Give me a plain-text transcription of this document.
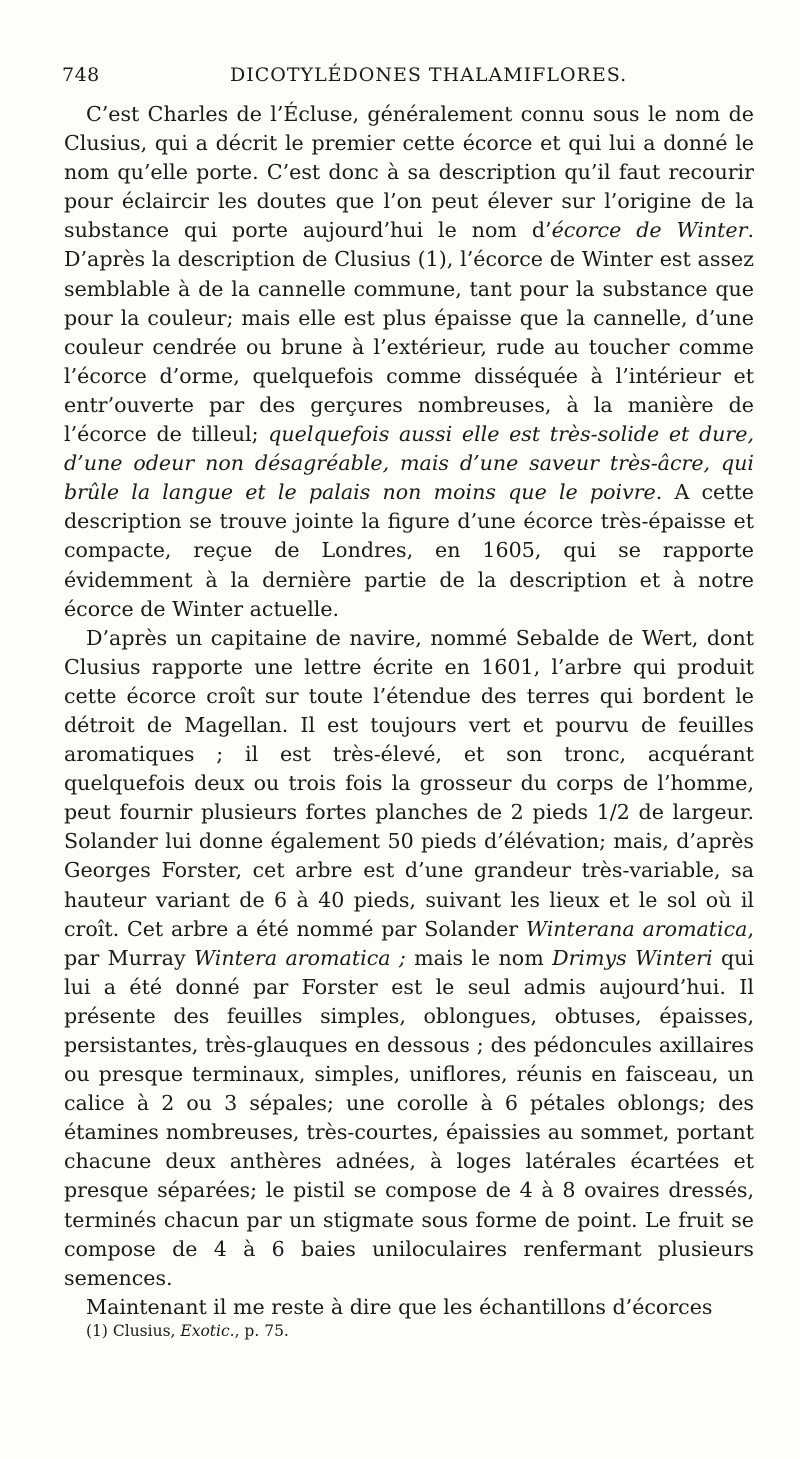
748	DICOTYLÉDONES THALAMIFLORES.

C’est Charles de l’Écluse, généralement connu sous le nom de Clusius, qui a décrit le premier cette écorce et qui lui a donné le nom qu’elle porte. C’est donc à sa description qu’il faut recourir pour éclaircir les doutes que l’on peut élever sur l’origine de la substance qui porte aujourd’hui le nom d’écorce de Winter. D’après la description de Clusius (1), l’écorce de Winter est assez semblable à de la cannelle commune, tant pour la substance que pour la couleur; mais elle est plus épaisse que la cannelle, d’une couleur cendrée ou brune à l’extérieur, rude au toucher comme l’écorce d’orme, quelquefois comme disséquée à l’intérieur et entr’ouverte par des gerçures nombreuses, à la manière de l’écorce de tilleul; quelquefois aussi elle est très-solide et dure, d’une odeur non désagréable, mais d’une saveur très-âcre, qui brûle la langue et le palais non moins que le poivre. A cette description se trouve jointe la figure d’une écorce très-épaisse et compacte, reçue de Londres, en 1605, qui se rapporte évidemment à la dernière partie de la description et à notre écorce de Winter actuelle.

D’après un capitaine de navire, nommé Sebalde de Wert, dont Clusius rapporte une lettre écrite en 1601, l’arbre qui produit cette écorce croît sur toute l’étendue des terres qui bordent le détroit de Magellan. Il est toujours vert et pourvu de feuilles aromatiques ; il est très-élevé, et son tronc, acquérant quelquefois deux ou trois fois la grosseur du corps de l’homme, peut fournir plusieurs fortes planches de 2 pieds 1/2 de largeur. Solander lui donne également 50 pieds d’élévation; mais, d’après Georges Forster, cet arbre est d’une grandeur très-variable, sa hauteur variant de 6 à 40 pieds, suivant les lieux et le sol où il croît. Cet arbre a été nommé par Solander Winterana aromatica, par Murray Wintera aromatica ; mais le nom Drimys Winteri qui lui a été donné par Forster est le seul admis aujourd’hui. Il présente des feuilles simples, oblongues, obtuses, épaisses, persistantes, très-glauques en dessous ; des pédoncules axillaires ou presque terminaux, simples, uniflores, réunis en faisceau, un calice à 2 ou 3 sépales; une corolle à 6 pétales oblongs; des étamines nombreuses, très-courtes, épaissies au sommet, portant chacune deux anthères adnées, à loges latérales écartées et presque séparées; le pistil se compose de 4 à 8 ovaires dressés, terminés chacun par un stigmate sous forme de point. Le fruit se compose de 4 à 6 baies uniloculaires renfermant plusieurs semences.

Maintenant il me reste à dire que les échantillons d’écorces

(1) Clusius, Exotic., p. 75.
